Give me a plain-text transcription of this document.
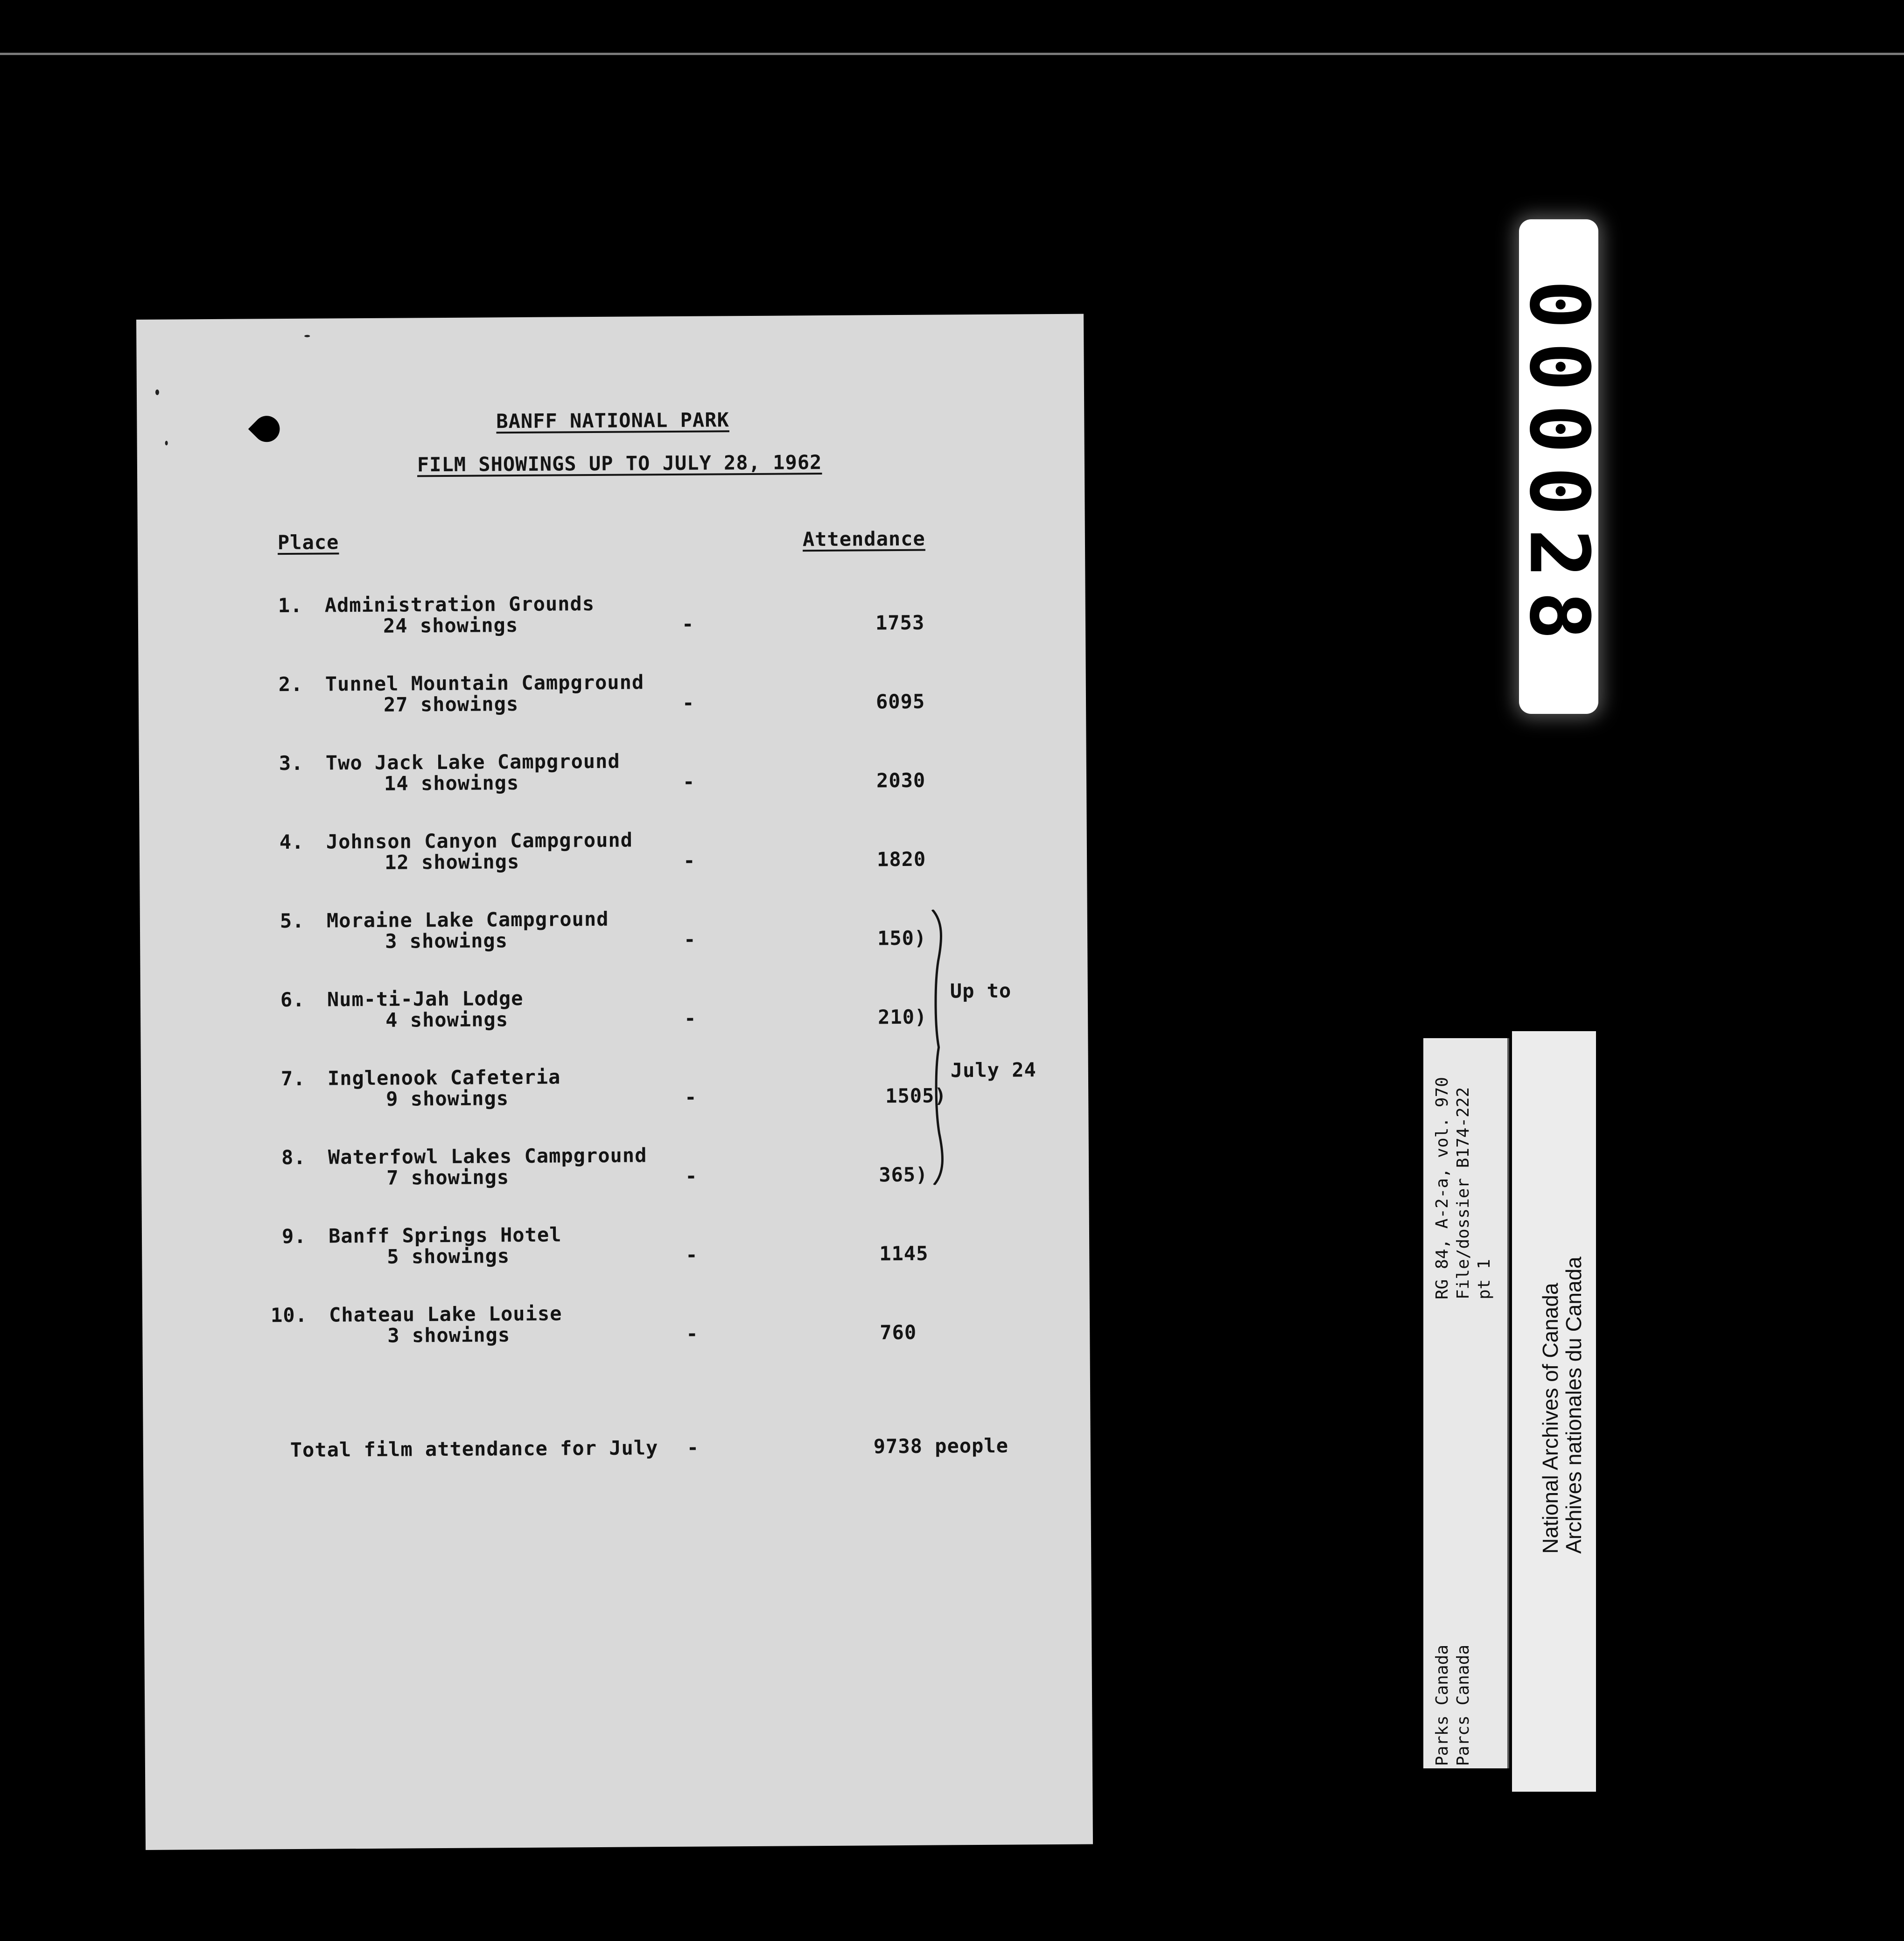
BANFF NATIONAL PARK
FILM SHOWINGS UP TO JULY 28, 1962
Place	Attendance
1. Administration Grounds
24 showings	-	1753
2. Tunnel Mountain Campground
27 showings	-	6095
3. Two Jack Lake Campground
14 showings	-	2030
4. Johnson Canyon Campground
12 showings	-	1820
5. Moraine Lake Campground
3 showings	-	150)
6. Num-ti-Jah Lodge
4 showings	-	210)
7. Inglenook Cafeteria
9 showings	-	1505)
8. Waterfowl Lakes Campground
7 showings	-	365)
9. Banff Springs Hotel
5 showings	-	1145
10. Chateau Lake Louise
3 showings	-	760
Up to
July 24
Total film attendance for July -	9738 people
000028
RG 84, A-2-a, vol. 970 File/dossier B174-222 pt 1
Parks Canada Parcs Canada
National Archives of Canada
Archives nationales du Canada
